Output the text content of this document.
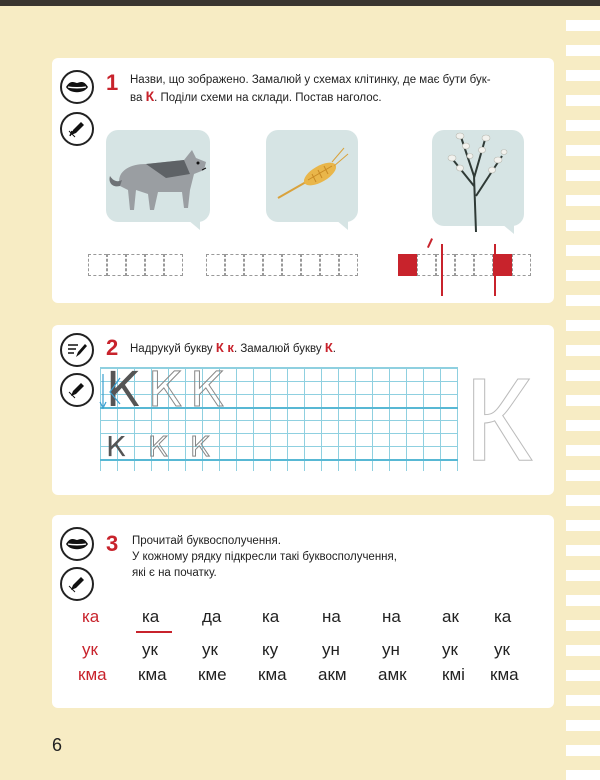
1 Назви, що зображено. Замалюй у схемах клітинку, де має бути бук-
ва К. Поділи схеми на склади. Постав наголос.
2 Надрукуй букву К к. Замалюй букву К.
К К К
К К К К
3 Прочитай буквосполучення.
У кожному рядку підкресли такі буквосполучення,
які є на початку.
ка	ка	да ка	на на ак ка
ук	ук	ук	ку	ун ун ук ук
кма кма кме кма акм амк кмі кма
6
